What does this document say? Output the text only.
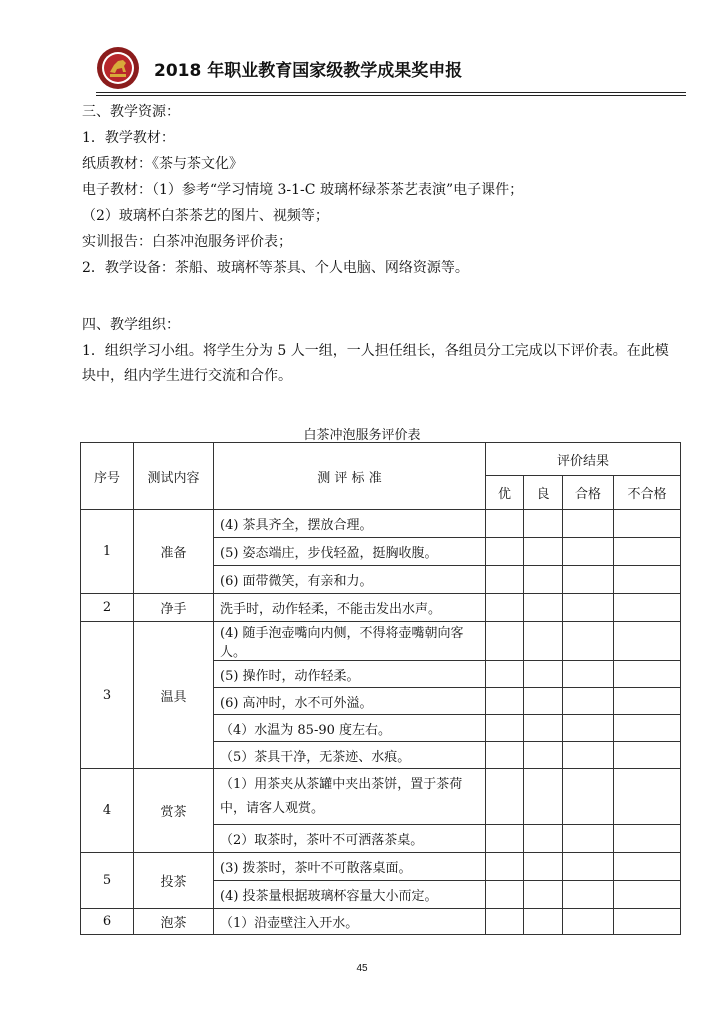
2018 年职业教育国家级教学成果奖申报
三、教学资源：
1．教学教材：
纸质教材：《茶与茶文化》
电子教材：（1）参考“学习情境 3-1-C 玻璃杯绿茶茶艺表演”电子课件；
（2）玻璃杯白茶茶艺的图片、视频等；
实训报告：白茶冲泡服务评价表；
2．教学设备：茶船、玻璃杯等茶具、个人电脑、网络资源等。
四、教学组织：
1．组织学习小组。将学生分为 5 人一组，一人担任组长，各组员分工完成以下评价表。在此模块中，组内学生进行交流和合作。
白茶冲泡服务评价表
序号	测试内容	测 评 标 准	评价结果			
			优	良	合格	不合格
1	准备	(4) 茶具齐全，摆放合理。				
		(5) 姿态端庄，步伐轻盈，挺胸收腹。				
		(6) 面带微笑，有亲和力。				
2	净手	洗手时，动作轻柔，不能击发出水声。				
3	温具	(4) 随手泡壶嘴向内侧，不得将壶嘴朝向客人。				
		(5) 操作时，动作轻柔。				
		(6) 高冲时，水不可外溢。				
		（4）水温为 85-90 度左右。				
		（5）茶具干净，无茶迹、水痕。				
4	赏茶	（1）用茶夹从茶罐中夹出茶饼，置于茶荷中，请客人观赏。				
		（2）取茶时，茶叶不可洒落茶桌。				
5	投茶	(3) 拨茶时，茶叶不可散落桌面。				
		(4) 投茶量根据玻璃杯容量大小而定。				
6	泡茶	（1）沿壶壁注入开水。				
45
